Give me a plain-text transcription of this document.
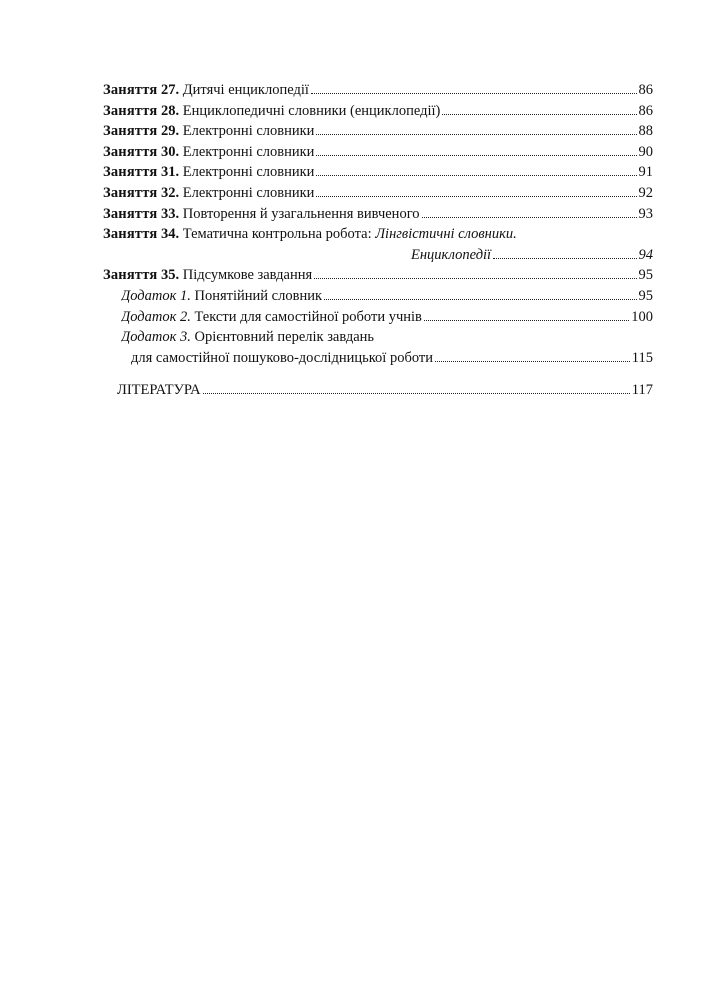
Заняття 27. Дитячі енциклопедії	86
Заняття 28. Енциклопедичні словники (енциклопедії)	86
Заняття 29. Електронні словники	88
Заняття 30. Електронні словники	90
Заняття 31. Електронні словники	91
Заняття 32. Електронні словники	92
Заняття 33. Повторення й узагальнення вивченого	93
Заняття 34. Тематична контрольна робота: Лінгвістичні словники.
Енциклопедії	94
Заняття 35. Підсумкове завдання	95
Додаток 1. Понятійний словник	95
Додаток 2. Тексти для самостійної роботи учнів	100
Додаток 3. Орієнтовний перелік завдань
для самостійної пошуково-дослідницької роботи	115
ЛІТЕРАТУРА	117
